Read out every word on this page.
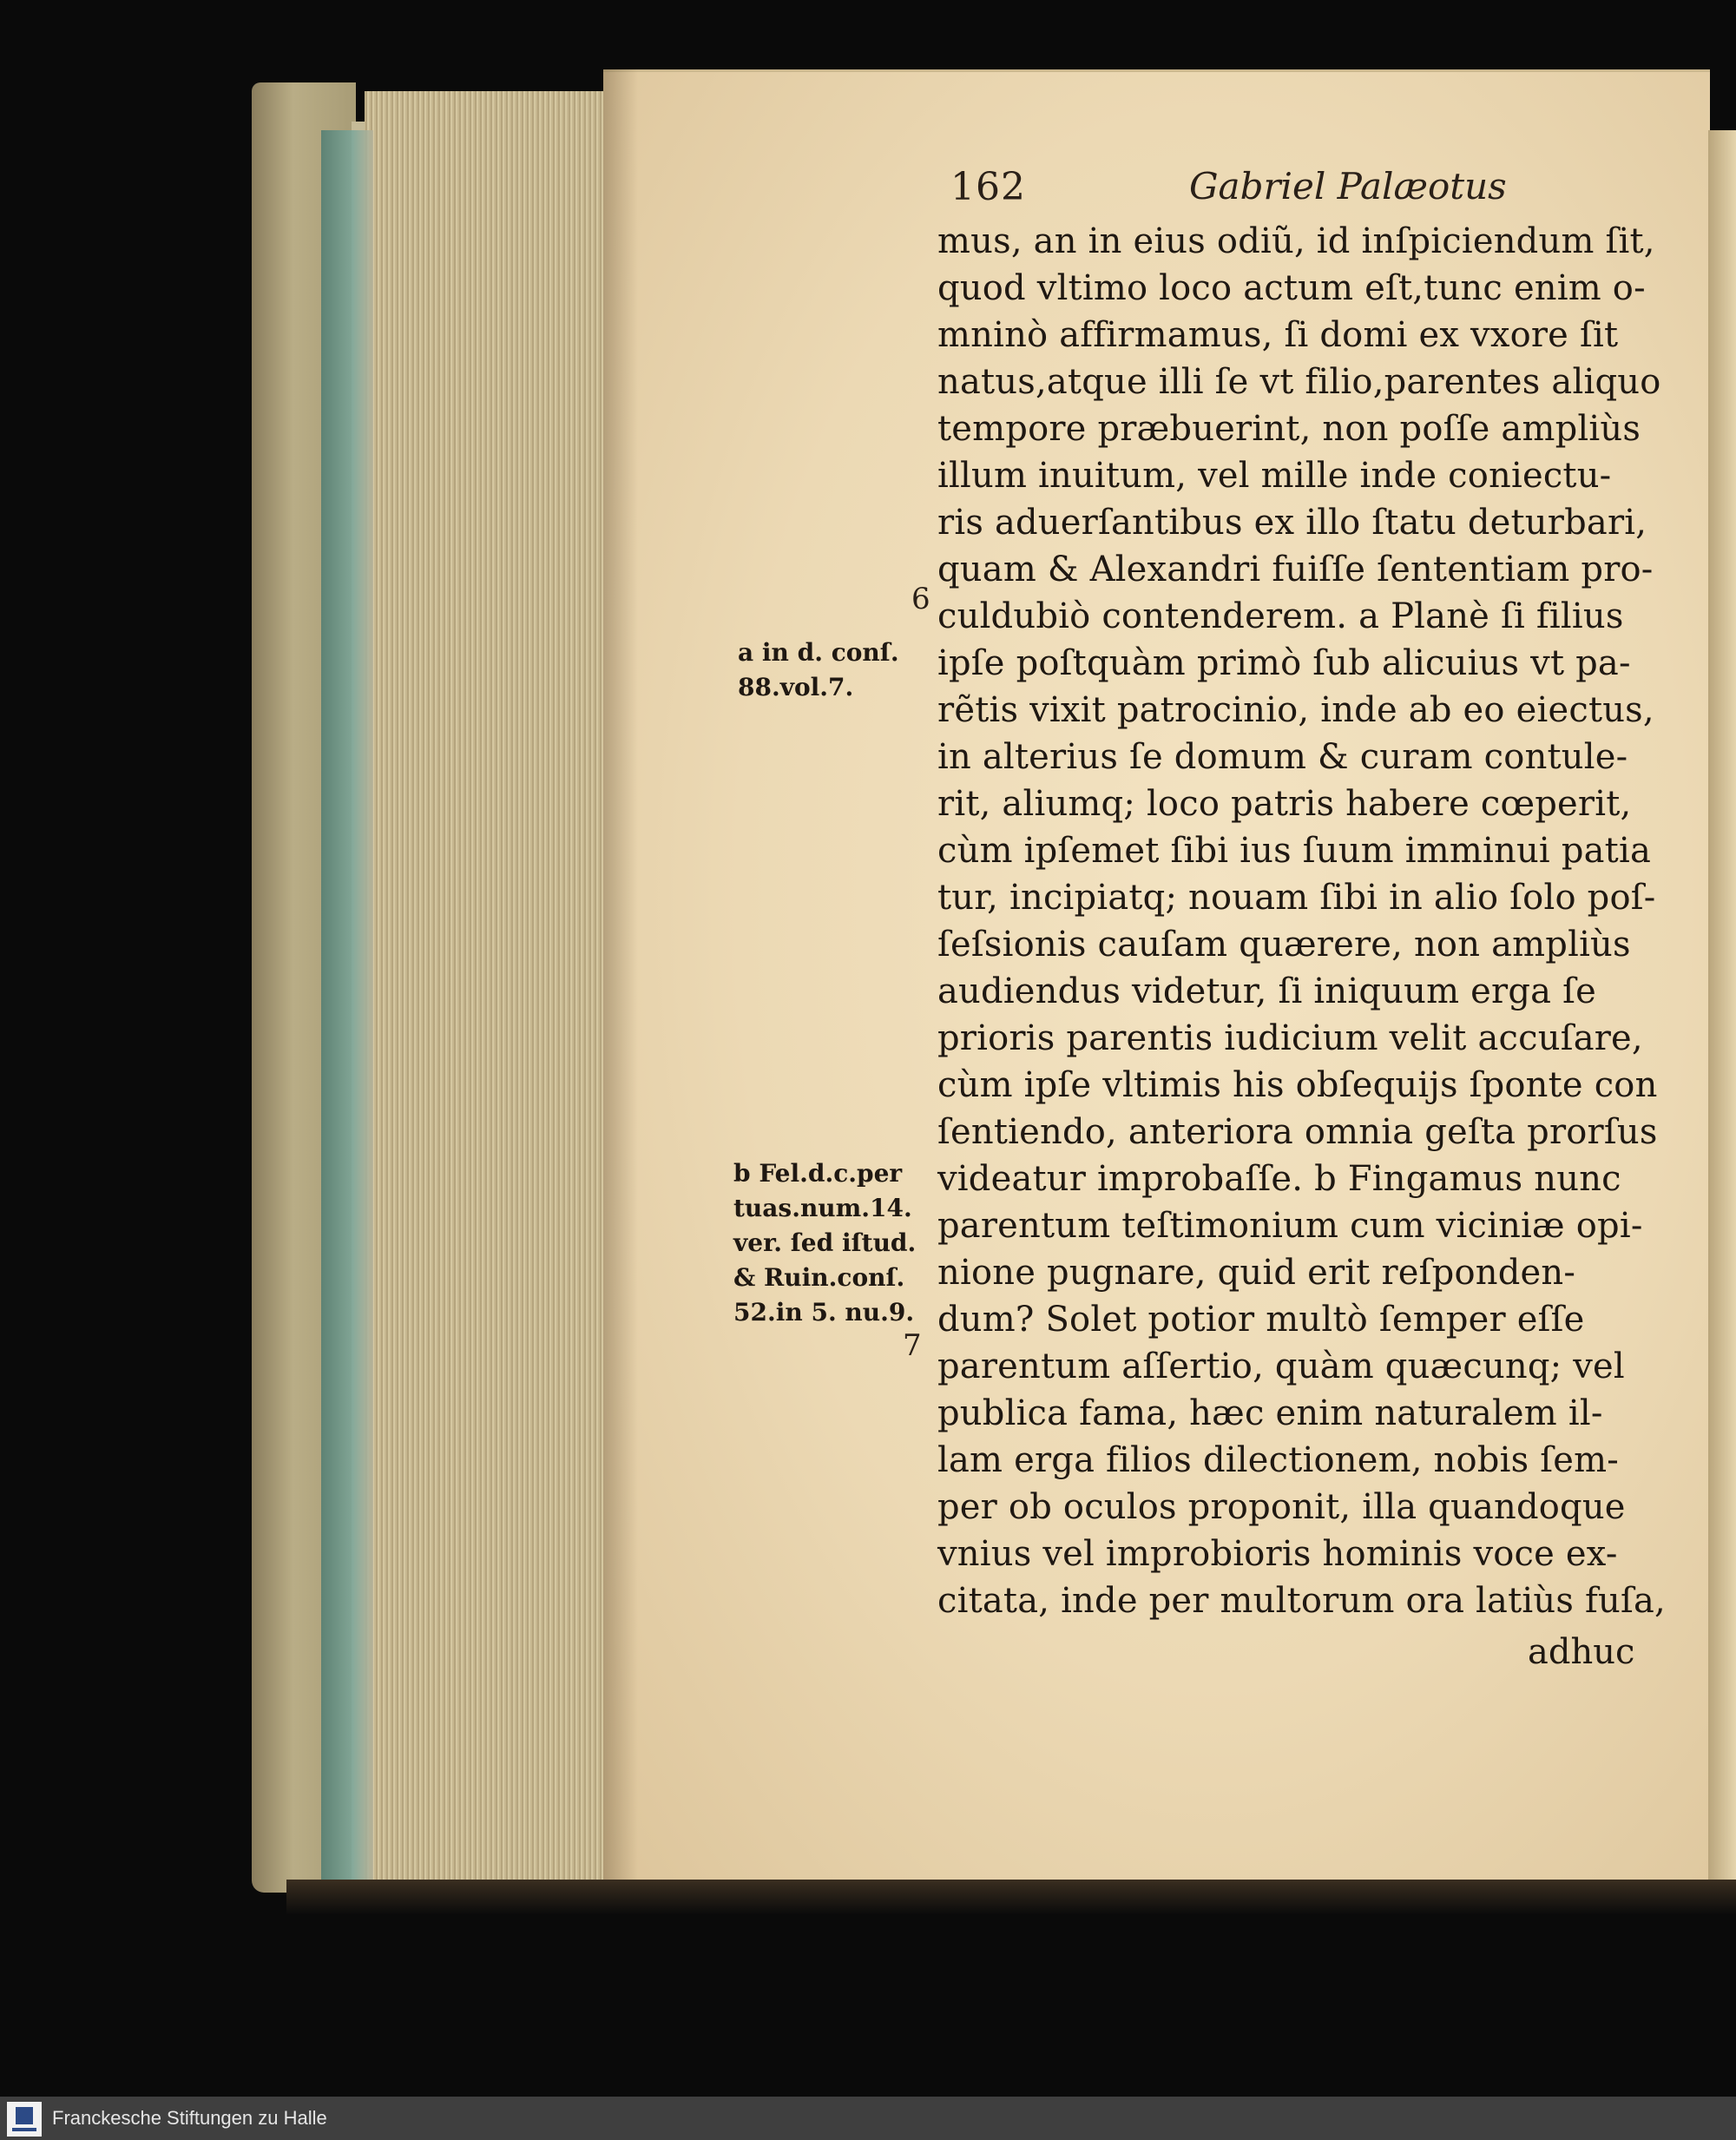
162	Gabriel Palæotus
6
7
a in d. conſ.
88.vol.7.
b Fel.d.c.per
tuas.num.14.
ver. ſed iſtud.
& Ruin.conſ.
52.in 5. nu.9.
mus, an in eius odiũ, id inſpiciendum ſit,
quod vltimo loco actum eſt,tunc enim o-
mninò affirmamus, ſi domi ex vxore ſit
natus,atque illi ſe vt filio,parentes aliquo
tempore præbuerint, non poſſe ampliùs
illum inuitum, vel mille inde coniectu-
ris aduerſantibus ex illo ſtatu deturbari,
quam & Alexandri fuiſſe ſententiam pro-
culdubiò contenderem. a Planè ſi filius
ipſe poſtquàm primò ſub alicuius vt pa-
rẽtis vixit patrocinio, inde ab eo eiectus,
in alterius ſe domum & curam contule-
rit, aliumq; loco patris habere cœperit,
cùm ipſemet ſibi ius ſuum imminui patia
tur, incipiatq; nouam ſibi in alio ſolo poſ-
ſeſsionis cauſam quærere, non ampliùs
audiendus videtur, ſi iniquum erga ſe
prioris parentis iudicium velit accuſare,
cùm ipſe vltimis his obſequijs ſponte con
ſentiendo, anteriora omnia geſta prorſus
videatur improbaſſe. b Fingamus nunc
parentum teſtimonium cum viciniæ opi-
nione pugnare, quid erit reſponden-
dum? Solet potior multò ſemper eſſe
parentum aſſertio, quàm quæcunq; vel
publica fama, hæc enim naturalem il-
lam erga filios dilectionem, nobis ſem-
per ob oculos proponit, illa quandoque
vnius vel improbioris hominis voce ex-
citata, inde per multorum ora latiùs fuſa,
adhuc
Franckesche Stiftungen zu Halle
